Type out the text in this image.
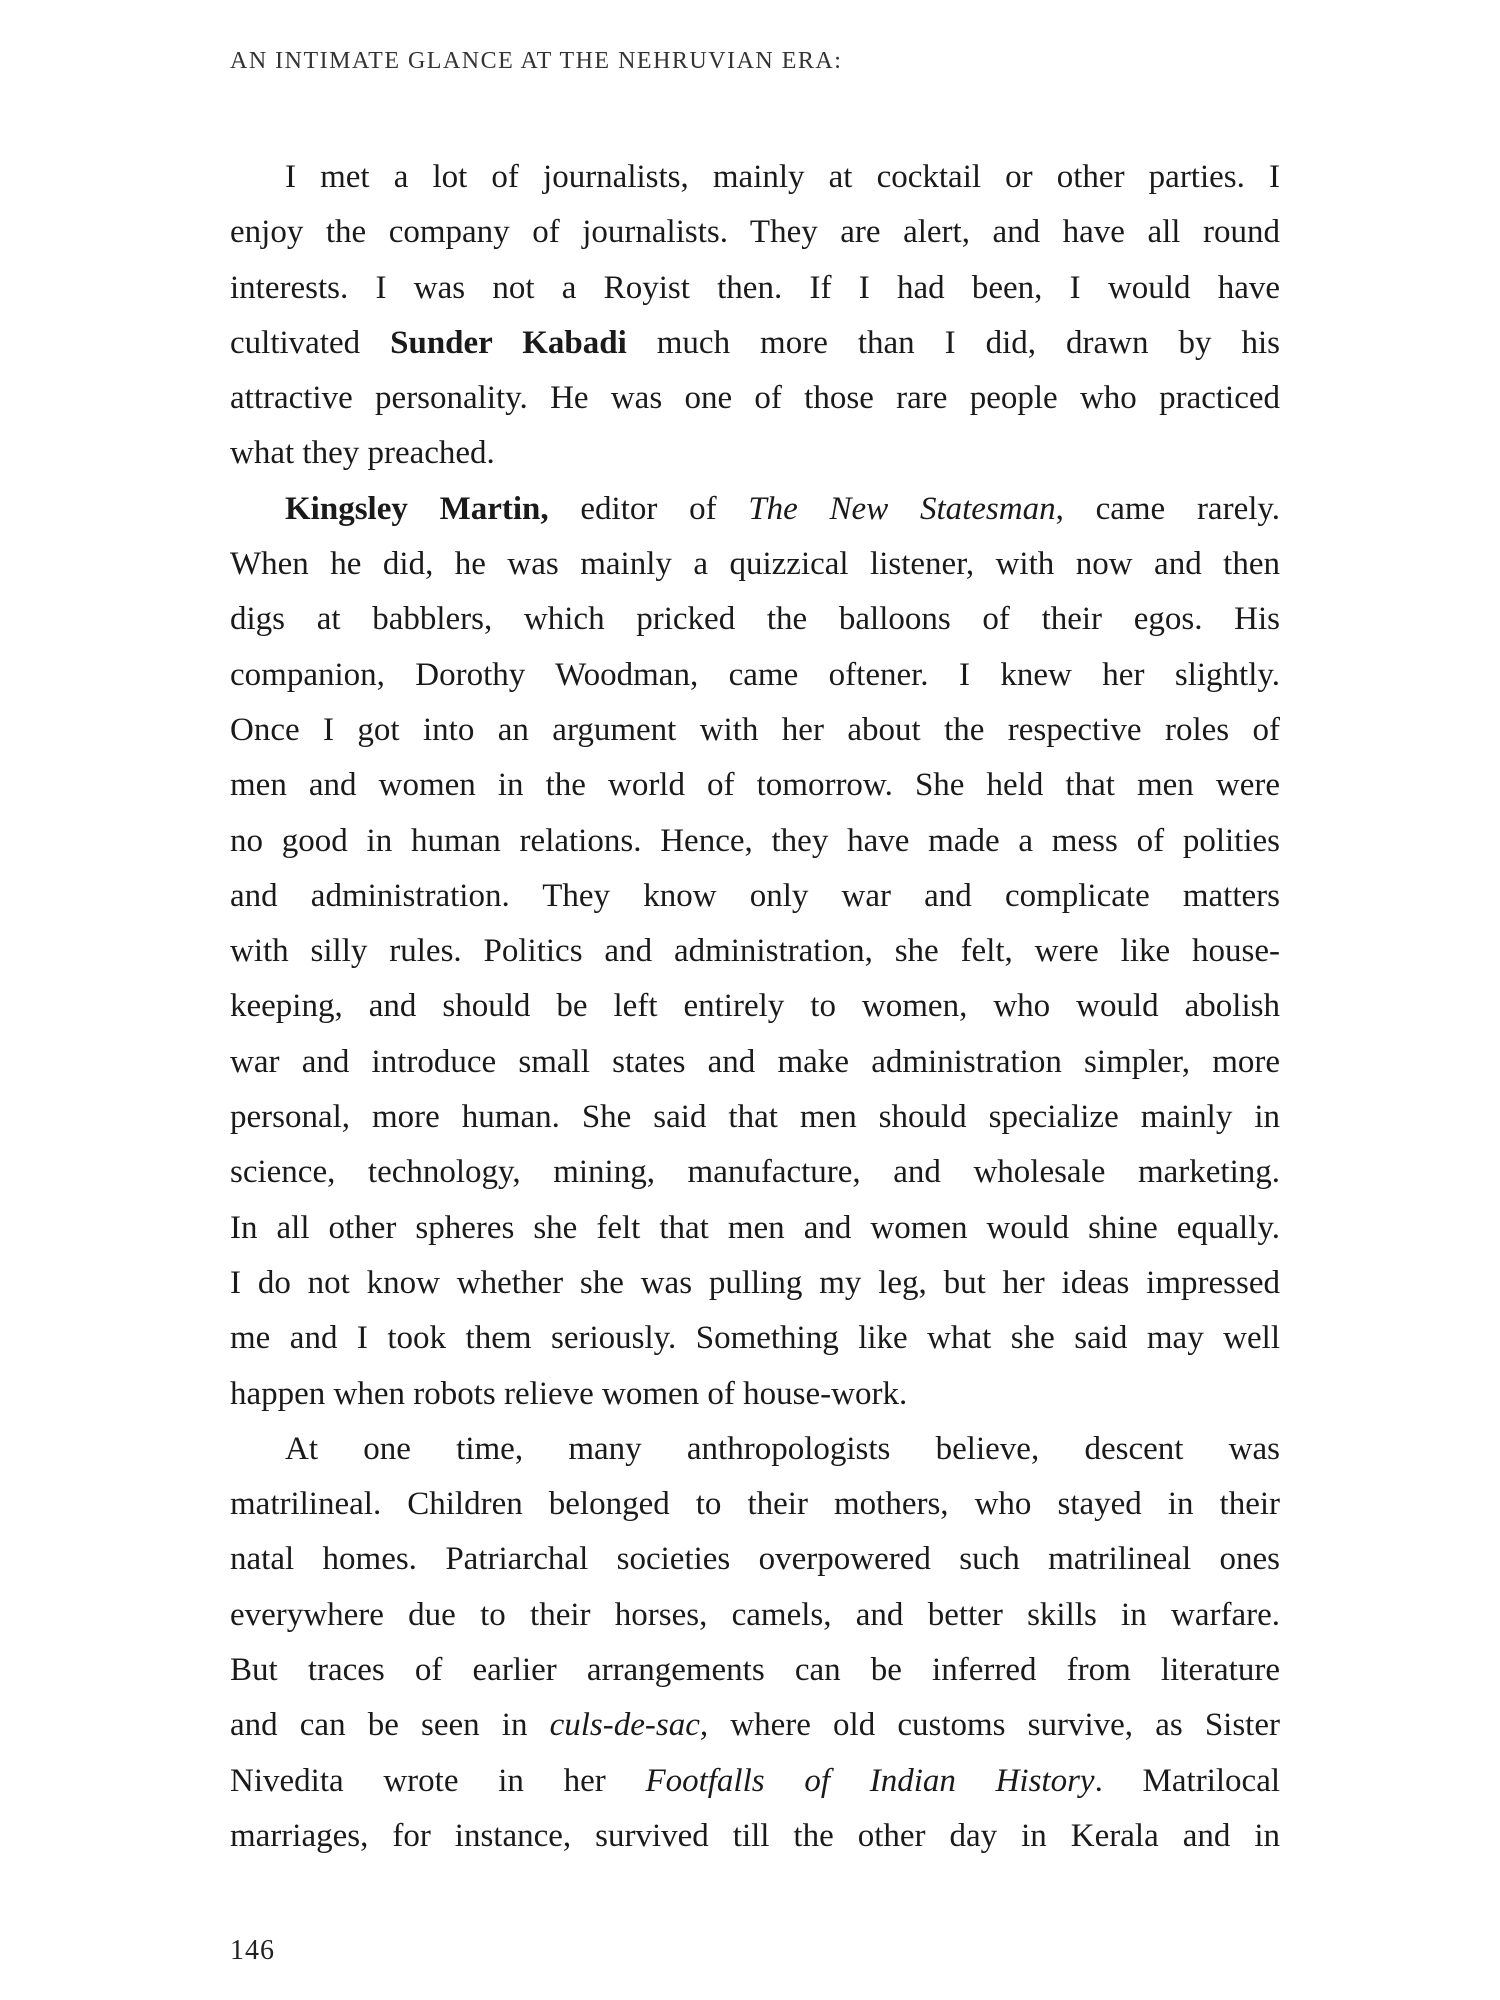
AN INTIMATE GLANCE AT THE NEHRUVIAN ERA:
I met a lot of journalists, mainly at cocktail or other parties. I
enjoy the company of journalists. They are alert, and have all round
interests. I was not a Royist then. If I had been, I would have
cultivated Sunder Kabadi much more than I did, drawn by his
attractive personality. He was one of those rare people who practiced
what they preached.
Kingsley Martin, editor of The New Statesman, came rarely.
When he did, he was mainly a quizzical listener, with now and then
digs at babblers, which pricked the balloons of their egos. His
companion, Dorothy Woodman, came oftener. I knew her slightly.
Once I got into an argument with her about the respective roles of
men and women in the world of tomorrow. She held that men were
no good in human relations. Hence, they have made a mess of polities
and administration. They know only war and complicate matters
with silly rules. Politics and administration, she felt, were like house-
keeping, and should be left entirely to women, who would abolish
war and introduce small states and make administration simpler, more
personal, more human. She said that men should specialize mainly in
science, technology, mining, manufacture, and wholesale marketing.
In all other spheres she felt that men and women would shine equally.
I do not know whether she was pulling my leg, but her ideas impressed
me and I took them seriously. Something like what she said may well
happen when robots relieve women of house-work.
At one time, many anthropologists believe, descent was
matrilineal. Children belonged to their mothers, who stayed in their
natal homes. Patriarchal societies overpowered such matrilineal ones
everywhere due to their horses, camels, and better skills in warfare.
But traces of earlier arrangements can be inferred from literature
and can be seen in culs-de-sac, where old customs survive, as Sister
Nivedita wrote in her Footfalls of Indian History. Matrilocal
marriages, for instance, survived till the other day in Kerala and in
146
